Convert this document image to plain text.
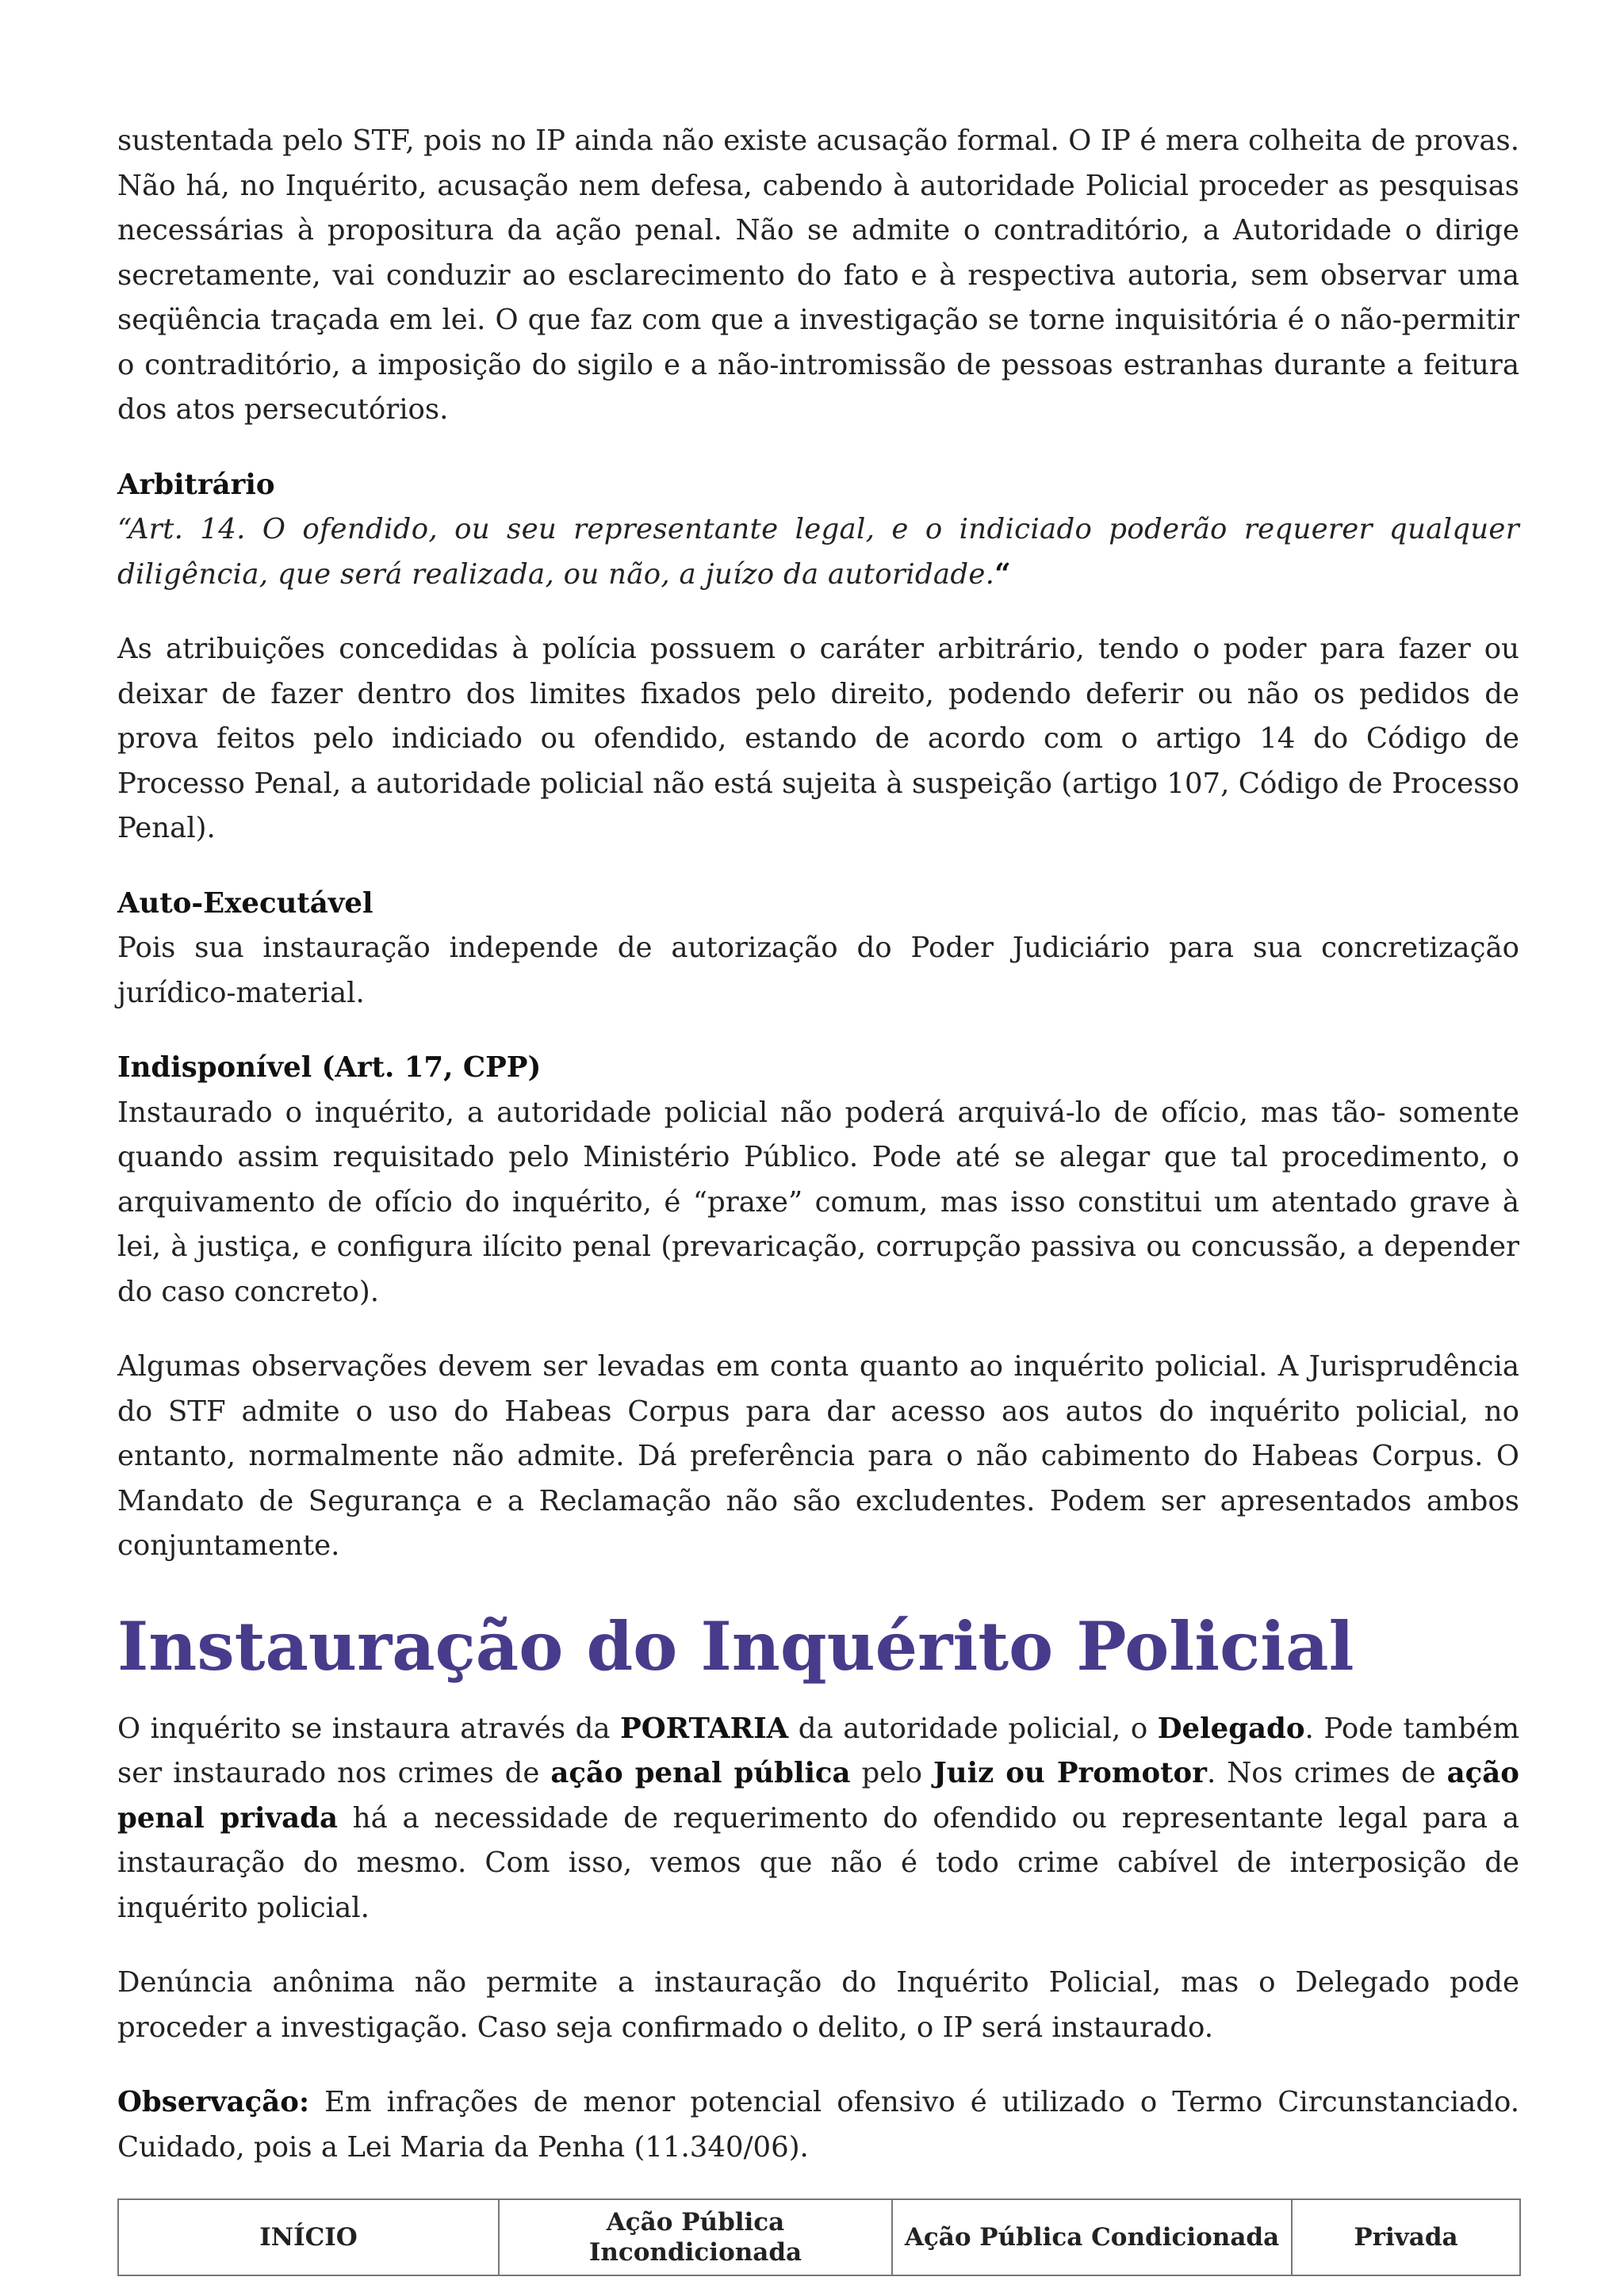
sustentada pelo STF, pois no IP ainda não existe acusação formal. O IP é mera colheita de provas. Não há, no Inquérito, acusação nem defesa, cabendo à autoridade Policial proceder as pesquisas necessárias à propositura da ação penal. Não se admite o contraditório, a Autoridade o dirige secretamente, vai conduzir ao esclarecimento do fato e à respectiva autoria, sem observar uma seqüência traçada em lei. O que faz com que a investigação se torne inquisitória é o não-permitir o contraditório, a imposição do sigilo e a não-intromissão de pessoas estranhas durante a feitura dos atos persecutórios.

Arbitrário

“Art. 14. O ofendido, ou seu representante legal, e o indiciado poderão requerer qualquer diligência, que será realizada, ou não, a juízo da autoridade.“

As atribuições concedidas à polícia possuem o caráter arbitrário, tendo o poder para fazer ou deixar de fazer dentro dos limites fixados pelo direito, podendo deferir ou não os pedidos de prova feitos pelo indiciado ou ofendido, estando de acordo com o artigo 14 do Código de Processo Penal, a autoridade policial não está sujeita à suspeição (artigo 107, Código de Processo Penal).

Auto-Executável

Pois sua instauração independe de autorização do Poder Judiciário para sua concretização jurídico-material.

Indisponível (Art. 17, CPP)

Instaurado o inquérito, a autoridade policial não poderá arquivá-lo de ofício, mas tão- somente quando assim requisitado pelo Ministério Público. Pode até se alegar que tal procedimento, o arquivamento de ofício do inquérito, é “praxe” comum, mas isso constitui um atentado grave à lei, à justiça, e configura ilícito penal (prevaricação, corrupção passiva ou concussão, a depender do caso concreto).

Algumas observações devem ser levadas em conta quanto ao inquérito policial. A Jurisprudência do STF admite o uso do Habeas Corpus para dar acesso aos autos do inquérito policial, no entanto, normalmente não admite. Dá preferência para o não cabimento do Habeas Corpus. O Mandato de Segurança e a Reclamação não são excludentes. Podem ser apresentados ambos conjuntamente.

Instauração do Inquérito Policial

O inquérito se instaura através da PORTARIA da autoridade policial, o Delegado. Pode também ser instaurado nos crimes de ação penal pública pelo Juiz ou Promotor. Nos crimes de ação penal privada há a necessidade de requerimento do ofendido ou representante legal para a instauração do mesmo. Com isso, vemos que não é todo crime cabível de interposição de inquérito policial.

Denúncia anônima não permite a instauração do Inquérito Policial, mas o Delegado pode proceder a investigação. Caso seja confirmado o delito, o IP será instaurado.

Observação: Em infrações de menor potencial ofensivo é utilizado o Termo Circunstanciado. Cuidado, pois a Lei Maria da Penha (11.340/06).

INÍCIO	Ação Pública Incondicionada	Ação Pública Condicionada	Privada
